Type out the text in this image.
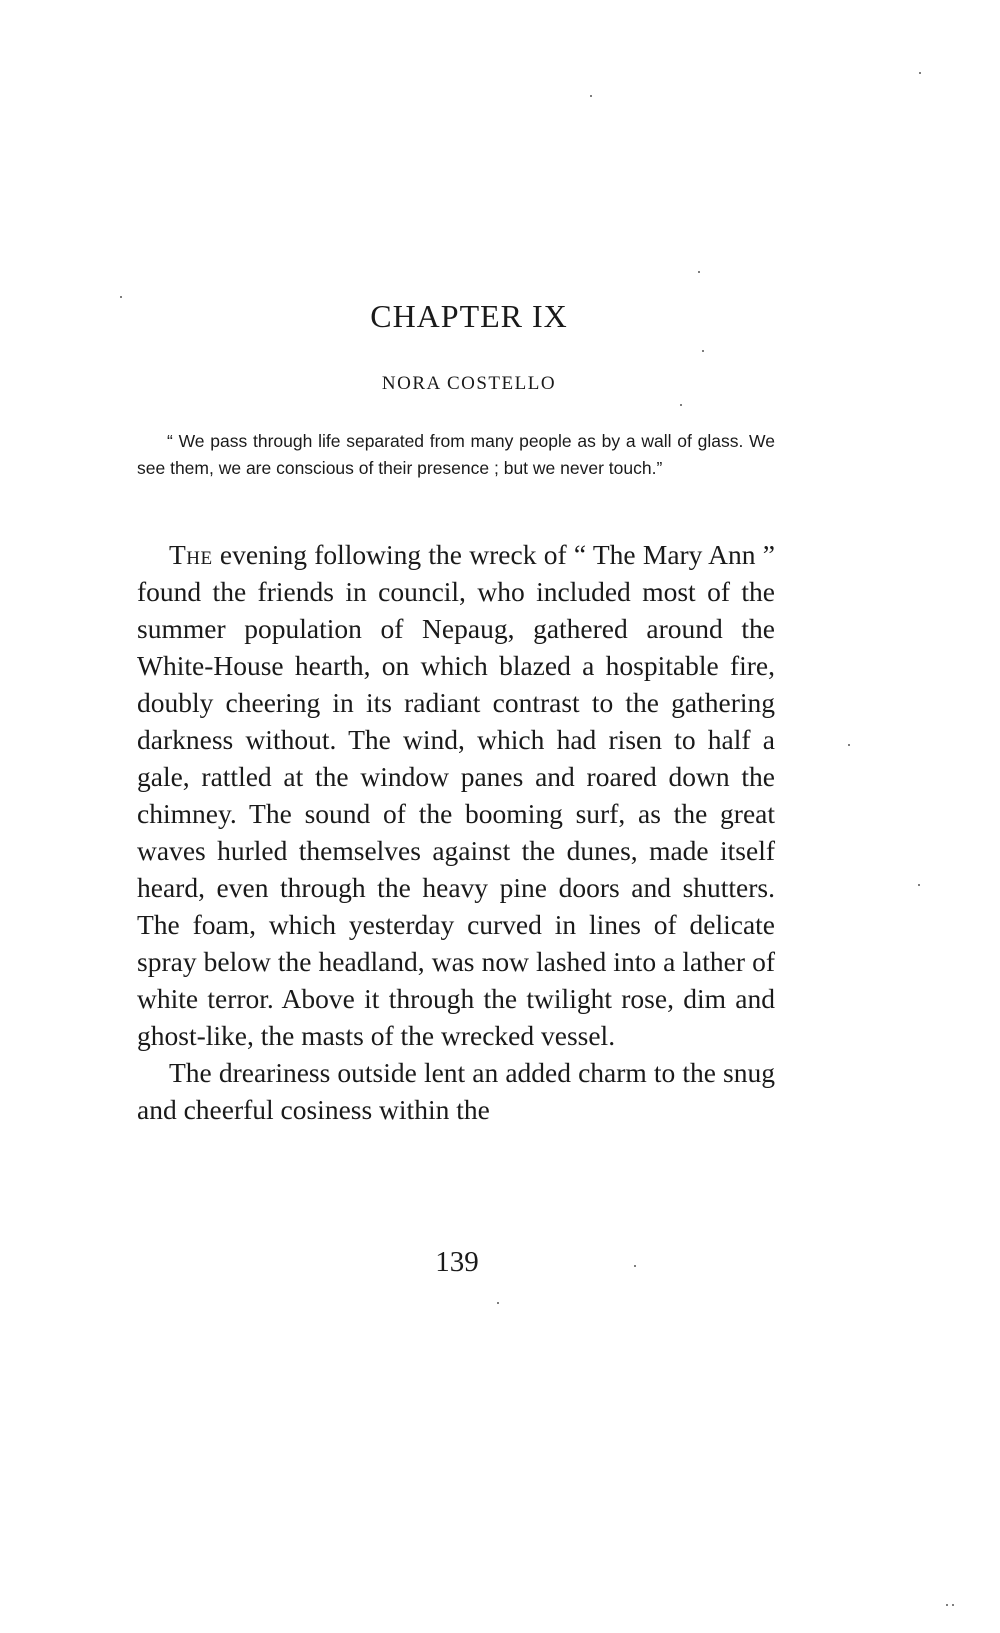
CHAPTER IX
NORA COSTELLO
“ We pass through life separated from many people as by a wall of glass. We see them, we are conscious of their presence ; but we never touch.”

The evening following the wreck of “ The Mary Ann ” found the friends in council, who included most of the summer population of Nepaug, gathered around the White-House hearth, on which blazed a hospitable fire, doubly cheering in its radiant contrast to the gathering darkness without. The wind, which had risen to half a gale, rattled at the window panes and roared down the chimney. The sound of the booming surf, as the great waves hurled themselves against the dunes, made itself heard, even through the heavy pine doors and shutters. The foam, which yesterday curved in lines of delicate spray below the headland, was now lashed into a lather of white terror. Above it through the twilight rose, dim and ghost-like, the masts of the wrecked vessel.

The dreariness outside lent an added charm to the snug and cheerful cosiness within the

139
